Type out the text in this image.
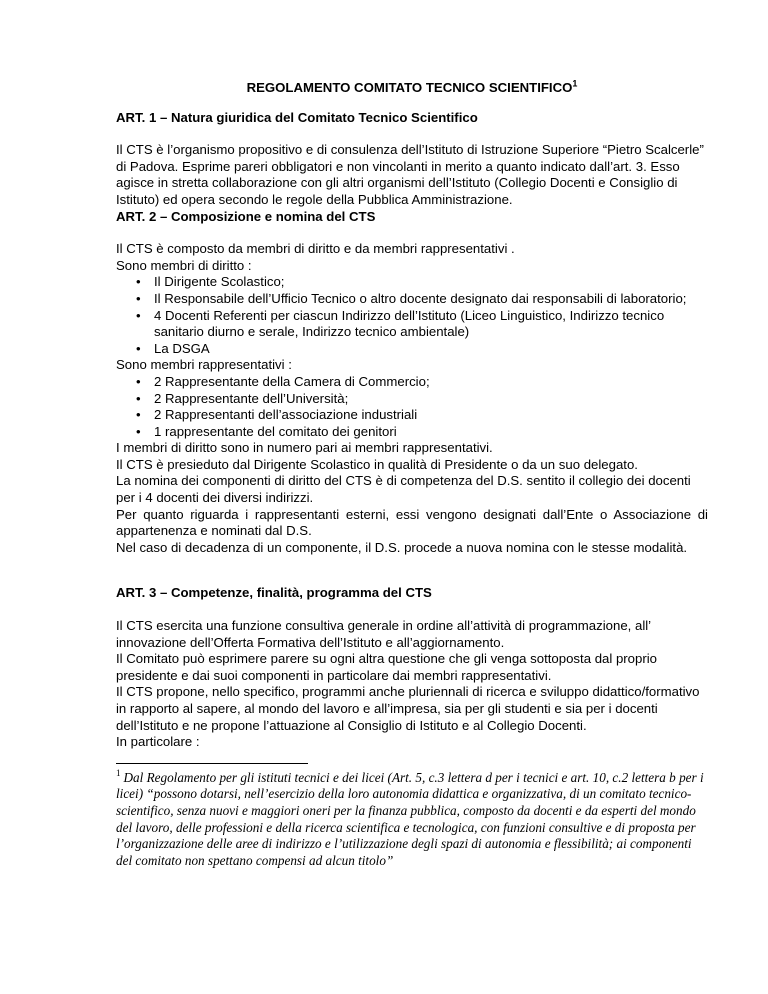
REGOLAMENTO COMITATO TECNICO SCIENTIFICO$^1$

ART. 1 – Natura giuridica del Comitato Tecnico Scientifico

Il CTS è l’organismo propositivo e di consulenza dell’Istituto di Istruzione Superiore “Pietro Scalcerle” di Padova. Esprime pareri obbligatori e non vincolanti in merito a quanto indicato dall’art. 3. Esso agisce in stretta collaborazione con gli altri organismi dell’Istituto (Collegio Docenti e Consiglio di Istituto) ed opera secondo le regole della Pubblica Amministrazione.

ART. 2 – Composizione e nomina del CTS

Il CTS è composto da membri di diritto e da membri rappresentativi .

Sono membri di diritto :

• Il Dirigente Scolastico;
• Il Responsabile dell’Ufficio Tecnico o altro docente designato dai responsabili di laboratorio;
• 4 Docenti Referenti per ciascun Indirizzo dell’Istituto (Liceo Linguistico, Indirizzo tecnico sanitario diurno e serale, Indirizzo tecnico ambientale)
• La DSGA

Sono membri rappresentativi :

• 2 Rappresentante della Camera di Commercio;
• 2 Rappresentante dell’Università;
• 2 Rappresentanti dell’associazione industriali
• 1 rappresentante del comitato dei genitori

I membri di diritto sono in numero pari ai membri rappresentativi.

Il CTS è presieduto dal Dirigente Scolastico in qualità di Presidente o da un suo delegato.

La nomina dei componenti di diritto del CTS è di competenza del D.S. sentito il collegio dei docenti per i 4 docenti dei diversi indirizzi.

Per quanto riguarda i rappresentanti esterni, essi vengono designati dall’Ente o Associazione di appartenenza e nominati dal D.S.

Nel caso di decadenza di un componente, il D.S. procede a nuova nomina con le stesse modalità.

ART. 3 – Competenze, finalità, programma del CTS

Il CTS esercita una funzione consultiva generale in ordine all’attività di programmazione, all’ innovazione dell’Offerta Formativa dell’Istituto e all’aggiornamento.

Il Comitato può esprimere parere su ogni altra questione che gli venga sottoposta dal proprio presidente e dai suoi componenti in particolare dai membri rappresentativi.

Il CTS propone, nello specifico, programmi anche pluriennali di ricerca e sviluppo didattico/formativo in rapporto al sapere, al mondo del lavoro e all’impresa, sia per gli studenti e sia per i docenti dell’Istituto e ne propone l’attuazione al Consiglio di Istituto e al Collegio Docenti.

In particolare :

$^1$ Dal Regolamento per gli istituti tecnici e dei licei (Art. 5, c.3 lettera d per i tecnici e art. 10, c.2 lettera b per i licei) “possono dotarsi, nell’esercizio della loro autonomia didattica e organizzativa, di un comitato tecnico-scientifico, senza nuovi e maggiori oneri per la finanza pubblica, composto da docenti e da esperti del mondo del lavoro, delle professioni e della ricerca scientifica e tecnologica, con funzioni consultive e di proposta per l’organizzazione delle aree di indirizzo e l’utilizzazione degli spazi di autonomia e flessibilità; ai componenti del comitato non spettano compensi ad alcun titolo”
